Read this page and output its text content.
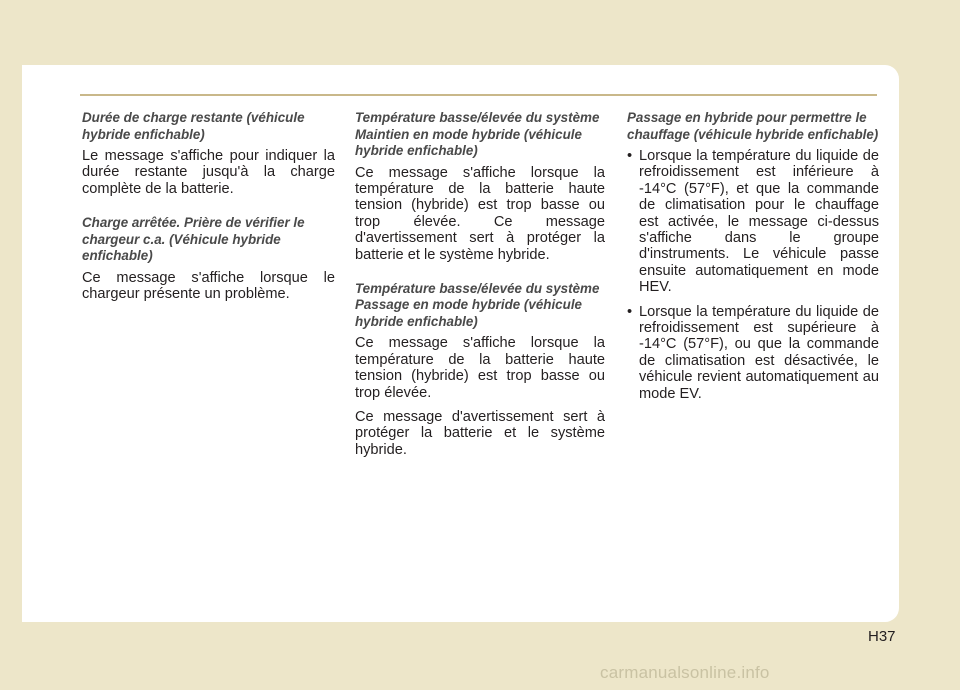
Durée de charge restante (véhicule hybride enfichable)

Le message s'affiche pour indiquer la durée restante jusqu'à la charge complète de la batterie.

Charge arrêtée. Prière de vérifier le chargeur c.a. (Véhicule hybride enfichable)

Ce message s'affiche lorsque le chargeur présente un problème.

Température basse/élevée du système Maintien en mode hybride (véhicule hybride enfichable)

Ce message s'affiche lorsque la température de la batterie haute tension (hybride) est trop basse ou trop élevée. Ce message d'avertissement sert à protéger la batterie et le système hybride.

Température basse/élevée du système Passage en mode hybride (véhicule hybride enfichable)

Ce message s'affiche lorsque la température de la batterie haute tension (hybride) est trop basse ou trop élevée.

Ce message d'avertissement sert à protéger la batterie et le système hybride.

Passage en hybride pour permettre le chauffage (véhicule hybride enfichable)
• Lorsque la température du liquide de refroidissement est inférieure à -14°C (57°F), et que la commande de climatisation pour le chauffage est activée, le message ci-dessus s'affiche dans le groupe d'instruments. Le véhicule passe ensuite automatiquement en mode HEV.
• Lorsque la température du liquide de refroidissement est supérieure à -14°C (57°F), ou que la commande de climatisation est désactivée, le véhicule revient automatiquement au mode EV.
H37
carmanualsonline.info
